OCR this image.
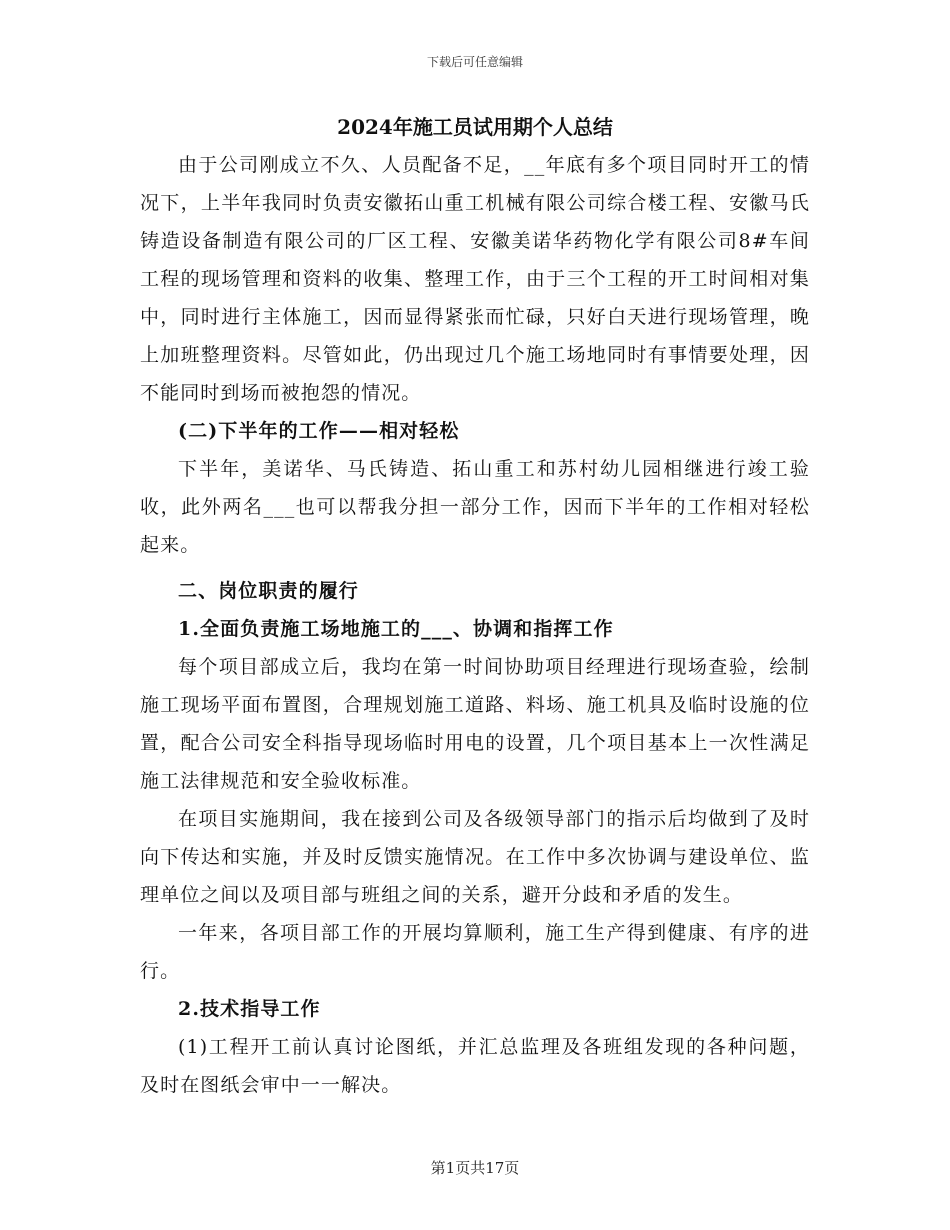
下载后可任意编辑
2024年施工员试用期个人总结

由于公司刚成立不久、人员配备不足，__年底有多个项目同时开工的情况下，上半年我同时负责安徽拓山重工机械有限公司综合楼工程、安徽马氏铸造设备制造有限公司的厂区工程、安徽美诺华药物化学有限公司8#车间工程的现场管理和资料的收集、整理工作，由于三个工程的开工时间相对集中，同时进行主体施工，因而显得紧张而忙碌，只好白天进行现场管理，晚上加班整理资料。尽管如此，仍出现过几个施工场地同时有事情要处理，因不能同时到场而被抱怨的情况。

(二)下半年的工作——相对轻松

下半年，美诺华、马氏铸造、拓山重工和苏村幼儿园相继进行竣工验收，此外两名___也可以帮我分担一部分工作，因而下半年的工作相对轻松起来。

二、岗位职责的履行

1.全面负责施工场地施工的___、协调和指挥工作

每个项目部成立后，我均在第一时间协助项目经理进行现场查验，绘制施工现场平面布置图，合理规划施工道路、料场、施工机具及临时设施的位置，配合公司安全科指导现场临时用电的设置，几个项目基本上一次性满足施工法律规范和安全验收标准。

在项目实施期间，我在接到公司及各级领导部门的指示后均做到了及时向下传达和实施，并及时反馈实施情况。在工作中多次协调与建设单位、监理单位之间以及项目部与班组之间的关系，避开分歧和矛盾的发生。

一年来，各项目部工作的开展均算顺利，施工生产得到健康、有序的进行。

2.技术指导工作

(1)工程开工前认真讨论图纸，并汇总监理及各班组发现的各种问题，及时在图纸会审中一一解决。

第1页共17页
